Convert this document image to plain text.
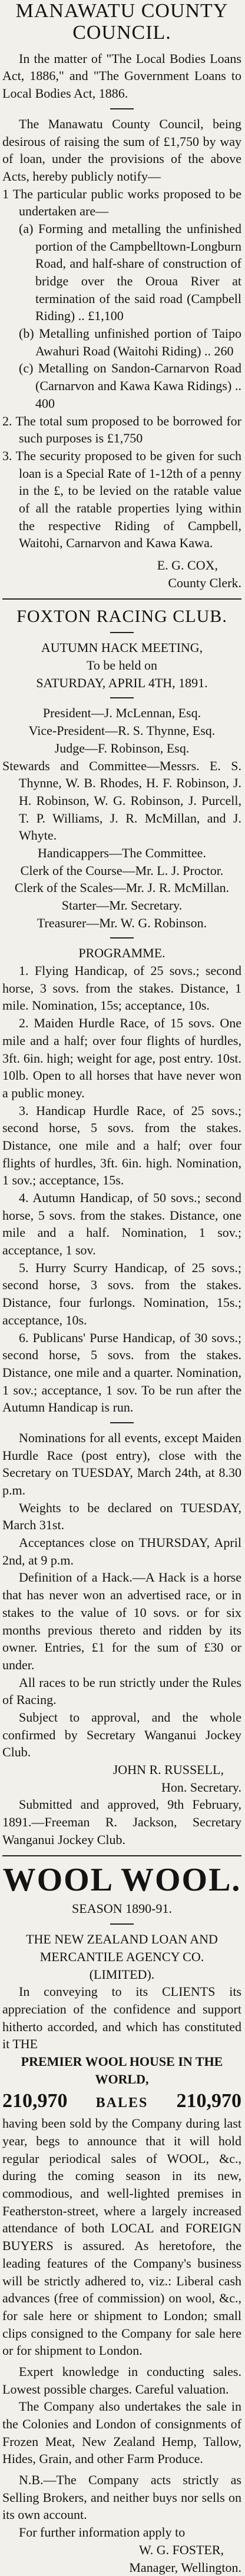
MANAWATU COUNTY

COUNCIL.

In the matter of "The Local Bodies Loans Act, 1886," and "The Government Loans to Local Bodies Act, 1886.

The Manawatu County Council, being desirous of raising the sum of £1,750 by way of loan, under the provisions of the above Acts, hereby publicly notify—

1 The particular public works proposed to be undertaken are—

(a) Forming and metalling the unfinished portion of the Campbelltown-Longburn Road, and half-share of construction of bridge over the Oroua River at termination of the said road (Campbell Riding) .. £1,100

(b) Metalling unfinished portion of Taipo Awahuri Road (Waitohi Riding) .. 260

(c) Metalling on Sandon-Carnarvon Road (Carnarvon and Kawa Kawa Ridings) .. 400

2. The total sum proposed to be borrowed for such purposes is £1,750

3. The security proposed to be given for such loan is a Special Rate of 1-12th of a penny in the £, to be levied on the ratable value of all the ratable properties lying within the respective Riding of Campbell, Waitohi, Carnarvon and Kawa Kawa.

E. G. COX,

County Clerk.

FOXTON RACING CLUB.

AUTUMN HACK MEETING,

To be held on

SATURDAY, APRIL 4TH, 1891.

President—J. McLennan, Esq.

Vice-President—R. S. Thynne, Esq.

Judge—F. Robinson, Esq.

Stewards and Committee—Messrs. E. S. Thynne, W. B. Rhodes, H. F. Robinson, J. H. Robinson, W. G. Robinson, J. Purcell, T. P. Williams, J. R. McMillan, and J. Whyte.

Handicappers—The Committee.

Clerk of the Course—Mr. L. J. Proctor.

Clerk of the Scales—Mr. J. R. McMillan.

Starter—Mr. Secretary.

Treasurer—Mr. W. G. Robinson.

PROGRAMME.

1. Flying Handicap, of 25 sovs.; second horse, 3 sovs. from the stakes. Distance, 1 mile. Nomination, 15s; acceptance, 10s.

2. Maiden Hurdle Race, of 15 sovs. One mile and a half; over four flights of hurdles, 3ft. 6in. high; weight for age, post entry. 10st. 10lb. Open to all horses that have never won a public money.

3. Handicap Hurdle Race, of 25 sovs.; second horse, 5 sovs. from the stakes. Distance, one mile and a half; over four flights of hurdles, 3ft. 6in. high. Nomination, 1 sov.; acceptance, 15s.

4. Autumn Handicap, of 50 sovs.; second horse, 5 sovs. from the stakes. Distance, one mile and a half. Nomination, 1 sov.; acceptance, 1 sov.

5. Hurry Scurry Handicap, of 25 sovs.; second horse, 3 sovs. from the stakes. Distance, four furlongs. Nomination, 15s.; acceptance, 10s.

6. Publicans' Purse Handicap, of 30 sovs.; second horse, 5 sovs. from the stakes. Distance, one mile and a quarter. Nomination, 1 sov.; acceptance, 1 sov. To be run after the Autumn Handicap is run.

Nominations for all events, except Maiden Hurdle Race (post entry), close with the Secretary on TUESDAY, March 24th, at 8.30 p.m.

Weights to be declared on TUESDAY, March 31st.

Acceptances close on THURSDAY, April 2nd, at 9 p.m.

Definition of a Hack.—A Hack is a horse that has never won an advertised race, or in stakes to the value of 10 sovs. or for six months previous thereto and ridden by its owner. Entries, £1 for the sum of £30 or under.

All races to be run strictly under the Rules of Racing.

Subject to approval, and the whole confirmed by Secretary Wanganui Jockey Club.

JOHN R. RUSSELL,

Hon. Secretary.

Submitted and approved, 9th February, 1891.—Freeman R. Jackson, Secretary Wanganui Jockey Club.

WOOL WOOL.

SEASON 1890-91.

THE NEW ZEALAND LOAN AND MERCANTILE AGENCY CO.

(LIMITED).

In conveying to its CLIENTS its appreciation of the confidence and support hitherto accorded, and which has constituted it THE

PREMIER WOOL HOUSE IN THE WORLD,

210,970 BALES 210,970

having been sold by the Company during last year, begs to announce that it will hold regular periodical sales of WOOL, &c., during the coming season in its new, commodious, and well-lighted premises in Featherston-street, where a largely increased attendance of both LOCAL and FOREIGN BUYERS is assured. As heretofore, the leading features of the Company's business will be strictly adhered to, viz.: Liberal cash advances (free of commission) on wool, &c., for sale here or shipment to London; small clips consigned to the Company for sale here or for shipment to London.

Expert knowledge in conducting sales. Lowest possible charges. Careful valuation.

The Company also undertakes the sale in the Colonies and London of consignments of Frozen Meat, New Zealand Hemp, Tallow, Hides, Grain, and other Farm Produce.

N.B.—The Company acts strictly as Selling Brokers, and neither buys nor sells on its own account.

For further information apply to

W. G. FOSTER,

Manager, Wellington.
